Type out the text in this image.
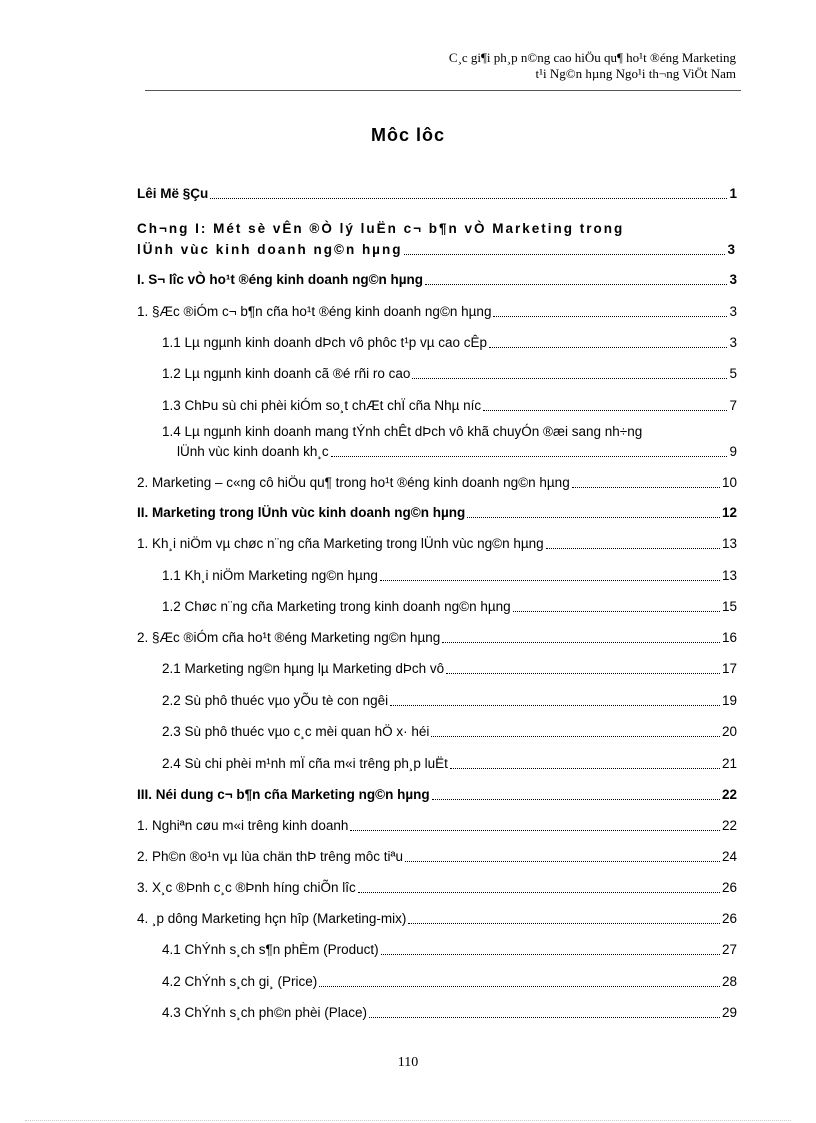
C¸c gi¶i ph¸p n©ng cao hiÖu qu¶ ho¹t ®éng Marketing
t¹i Ng©n hµng Ngo¹i th¬ng ViÖt Nam
Môc lôc
Lêi Më §Çu	1
Ch¬ng I: Mét sè vÊn ®Ò lý luËn c¬ b¶n vÒ Marketing trong
lÜnh vùc kinh doanh ng©n hµng	3
I. S¬ lîc vÒ ho¹t ®éng kinh doanh ng©n hµng	3
1. §Æc ®iÓm c¬ b¶n cña ho¹t ®éng kinh doanh ng©n hµng	3
1.1 Lµ ngµnh kinh doanh dÞch vô phôc t¹p vµ cao cÊp	3
1.2 Lµ ngµnh kinh doanh cã ®é rñi ro cao	5
1.3 ChÞu sù chi phèi kiÓm so¸t chÆt chÏ cña Nhµ níc	7
1.4 Lµ ngµnh kinh doanh mang tÝnh chÊt dÞch vô khã chuyÓn ®æi sang nh÷ng
lÜnh vùc kinh doanh kh¸c	9
2. Marketing – c«ng cô hiÖu qu¶ trong ho¹t ®éng kinh doanh ng©n hµng	10
II. Marketing trong lÜnh vùc kinh doanh ng©n hµng	12
1. Kh¸i niÖm vµ chøc n¨ng cña Marketing trong lÜnh vùc ng©n hµng	13
1.1 Kh¸i niÖm Marketing ng©n hµng	13
1.2 Chøc n¨ng cña Marketing trong kinh doanh ng©n hµng	15
2. §Æc ®iÓm cña ho¹t ®éng Marketing ng©n hµng	16
2.1 Marketing ng©n hµng lµ Marketing dÞch vô	17
2.2 Sù phô thuéc vµo yÕu tè con ngêi	19
2.3 Sù phô thuéc vµo c¸c mèi quan hÖ x· héi	20
2.4 Sù chi phèi m¹nh mÏ cña m«i trêng ph¸p luËt	21
III. Néi dung c¬ b¶n cña Marketing ng©n hµng	22
1. Nghiªn cøu m«i trêng kinh doanh	22
2. Ph©n ®o¹n vµ lùa chän thÞ trêng môc tiªu	24
3. X¸c ®Þnh c¸c ®Þnh híng chiÕn lîc	26
4. ¸p dông Marketing hçn hîp (Marketing-mix)	26
4.1 ChÝnh s¸ch s¶n phÈm (Product)	27
4.2 ChÝnh s¸ch gi¸ (Price)	28
4.3 ChÝnh s¸ch ph©n phèi (Place)	29
110
